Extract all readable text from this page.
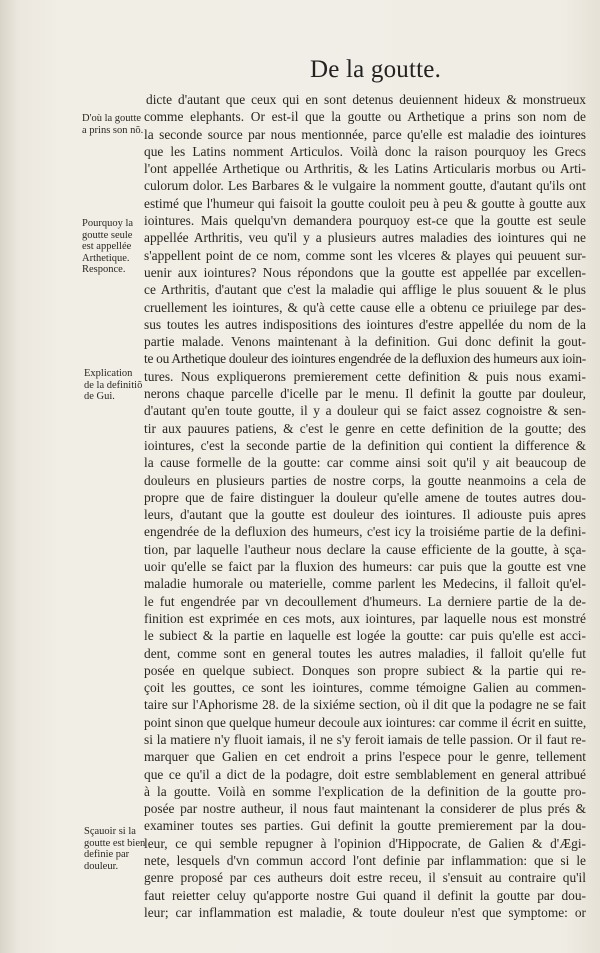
De la goutte.
D'où la goutte
a prins son nõ.
Pourquoy la
goutte seule
est appellée
Arthetique.
Responce.
Explication
de la definitiõ
de Gui.
Sçauoir si la
goutte est bien
definie par
douleur.
dicte d'autant que ceux qui en sont detenus deuiennent hideux & monstrueux
comme elephants. Or est-il que la goutte ou Arthetique a prins son nom de
la seconde source par nous mentionnée, parce qu'elle est maladie des iointures
que les Latins nomment Articulos. Voilà donc la raison pourquoy les Grecs
l'ont appellée Arthetique ou Arthritis, & les Latins Articularis morbus ou Arti-
culorum dolor. Les Barbares & le vulgaire la nomment goutte, d'autant qu'ils ont
estimé que l'humeur qui faisoit la goutte couloit peu à peu & goutte à goutte aux
iointures. Mais quelqu'vn demandera pourquoy est-ce que la goutte est seule
appellée Arthritis, veu qu'il y a plusieurs autres maladies des iointures qui ne
s'appellent point de ce nom, comme sont les vlceres & playes qui peuuent sur-
uenir aux iointures? Nous répondons que la goutte est appellée par excellen-
ce Arthritis, d'autant que c'est la maladie qui afflige le plus souuent & le plus
cruellement les iointures, & qu'à cette cause elle a obtenu ce priuilege par des-
sus toutes les autres indispositions des iointures d'estre appellée du nom de la
partie malade. Venons maintenant à la definition. Gui donc definit la gout-
te ou Arthetique douleur des iointures engendrée de la defluxion des humeurs aux ioin-
tures. Nous expliquerons premierement cette definition & puis nous exami-
nerons chaque parcelle d'icelle par le menu. Il definit la goutte par douleur,
d'autant qu'en toute goutte, il y a douleur qui se faict assez cognoistre & sen-
tir aux pauures patiens, & c'est le genre en cette definition de la goutte; des
iointures, c'est la seconde partie de la definition qui contient la difference &
la cause formelle de la goutte: car comme ainsi soit qu'il y ait beaucoup de
douleurs en plusieurs parties de nostre corps, la goutte neanmoins a cela de
propre que de faire distinguer la douleur qu'elle amene de toutes autres dou-
leurs, d'autant que la goutte est douleur des iointures. Il adiouste puis apres
engendrée de la defluxion des humeurs, c'est icy la troisiéme partie de la defini-
tion, par laquelle l'autheur nous declare la cause efficiente de la goutte, à sça-
uoir qu'elle se faict par la fluxion des humeurs: car puis que la goutte est vne
maladie humorale ou materielle, comme parlent les Medecins, il falloit qu'el-
le fut engendrée par vn decoullement d'humeurs. La derniere partie de la de-
finition est exprimée en ces mots, aux iointures, par laquelle nous est monstré
le subiect & la partie en laquelle est logée la goutte: car puis qu'elle est acci-
dent, comme sont en general toutes les autres maladies, il falloit qu'elle fut
posée en quelque subiect. Donques son propre subiect & la partie qui re-
çoit les gouttes, ce sont les iointures, comme témoigne Galien au commen-
taire sur l'Aphorisme 28. de la sixiéme section, où il dit que la podagre ne se fait
point sinon que quelque humeur decoule aux iointures: car comme il écrit en suitte,
si la matiere n'y fluoit iamais, il ne s'y feroit iamais de telle passion. Or il faut re-
marquer que Galien en cet endroit a prins l'espece pour le genre, tellement
que ce qu'il a dict de la podagre, doit estre semblablement en general attribué
à la goutte. Voilà en somme l'explication de la definition de la goutte pro-
posée par nostre autheur, il nous faut maintenant la considerer de plus prés &
examiner toutes ses parties. Gui definit la goutte premierement par la dou-
leur, ce qui semble repugner à l'opinion d'Hippocrate, de Galien & d'Ægi-
nete, lesquels d'vn commun accord l'ont definie par inflammation: que si le
genre proposé par ces autheurs doit estre receu, il s'ensuit au contraire qu'il
faut reietter celuy qu'apporte nostre Gui quand il definit la goutte par dou-
leur; car inflammation est maladie, & toute douleur n'est que symptome: or
